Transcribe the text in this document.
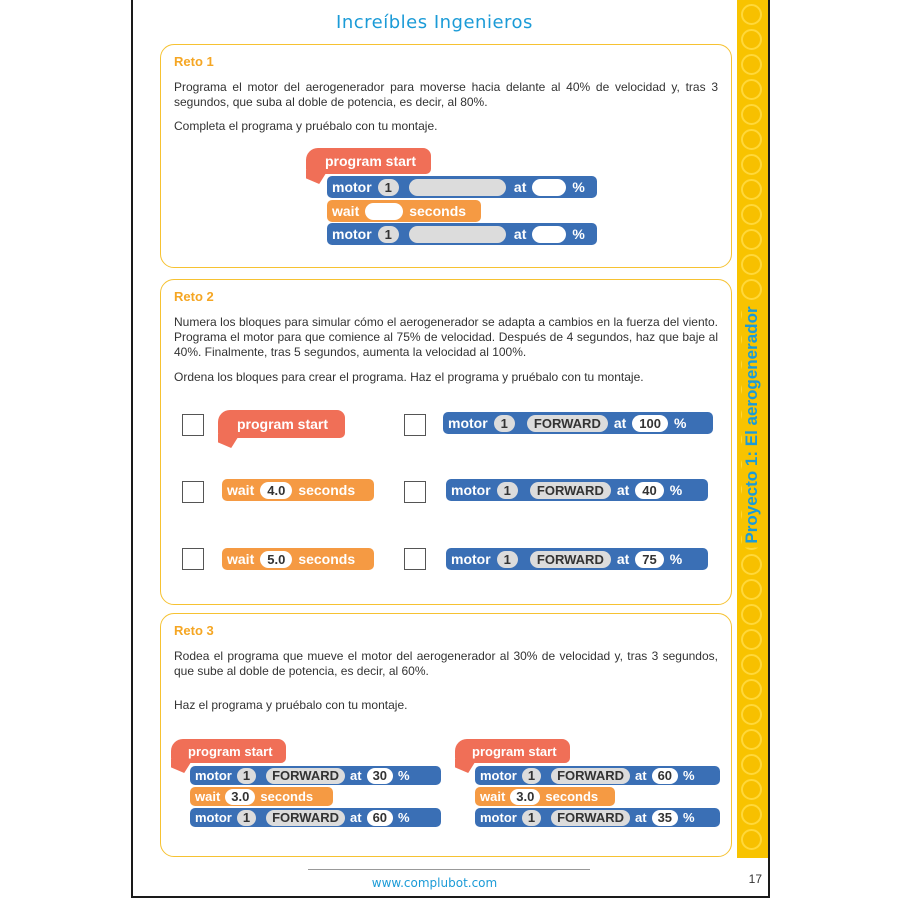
Increíbles Ingenieros
Reto 1
Programa el motor del aerogenerador para moverse hacia delante al 40% de velocidad y, tras 3 segundos, que suba al doble de potencia, es decir, al 80%.
Completa el programa y pruébalo con tu montaje.
program start
motor	1	at	%
wait	seconds
motor	1	at	%
Reto 2
Numera los bloques para simular cómo el aerogenerador se adapta a cambios en la fuerza del viento. Programa el motor para que comience al 75% de velocidad. Después de 4 segundos, haz que baje al 40%. Finalmente, tras 5 segundos, aumenta la velocidad al 100%.
Ordena los bloques para crear el programa. Haz el programa y pruébalo con tu montaje.
program start
wait	4.0 seconds
wait	5.0 seconds
motor	1	FORWARD at	100 %
motor	1	FORWARD at	40 %
motor	1	FORWARD at	75 %
Reto 3
Rodea el programa que mueve el motor del aerogenerador al 30% de velocidad y, tras 3 segundos, que sube al doble de potencia, es decir, al 60%.
Haz el programa y pruébalo con tu montaje.
program start
motor 1	FORWARD at 30 %
wait 3.0 seconds
motor 1	FORWARD at 60 %
program start
motor 1	FORWARD at 60 %
wait 3.0 seconds
motor 1	FORWARD at 35 %
Proyecto 1: El aerogenerador
www.complubot.com	17
